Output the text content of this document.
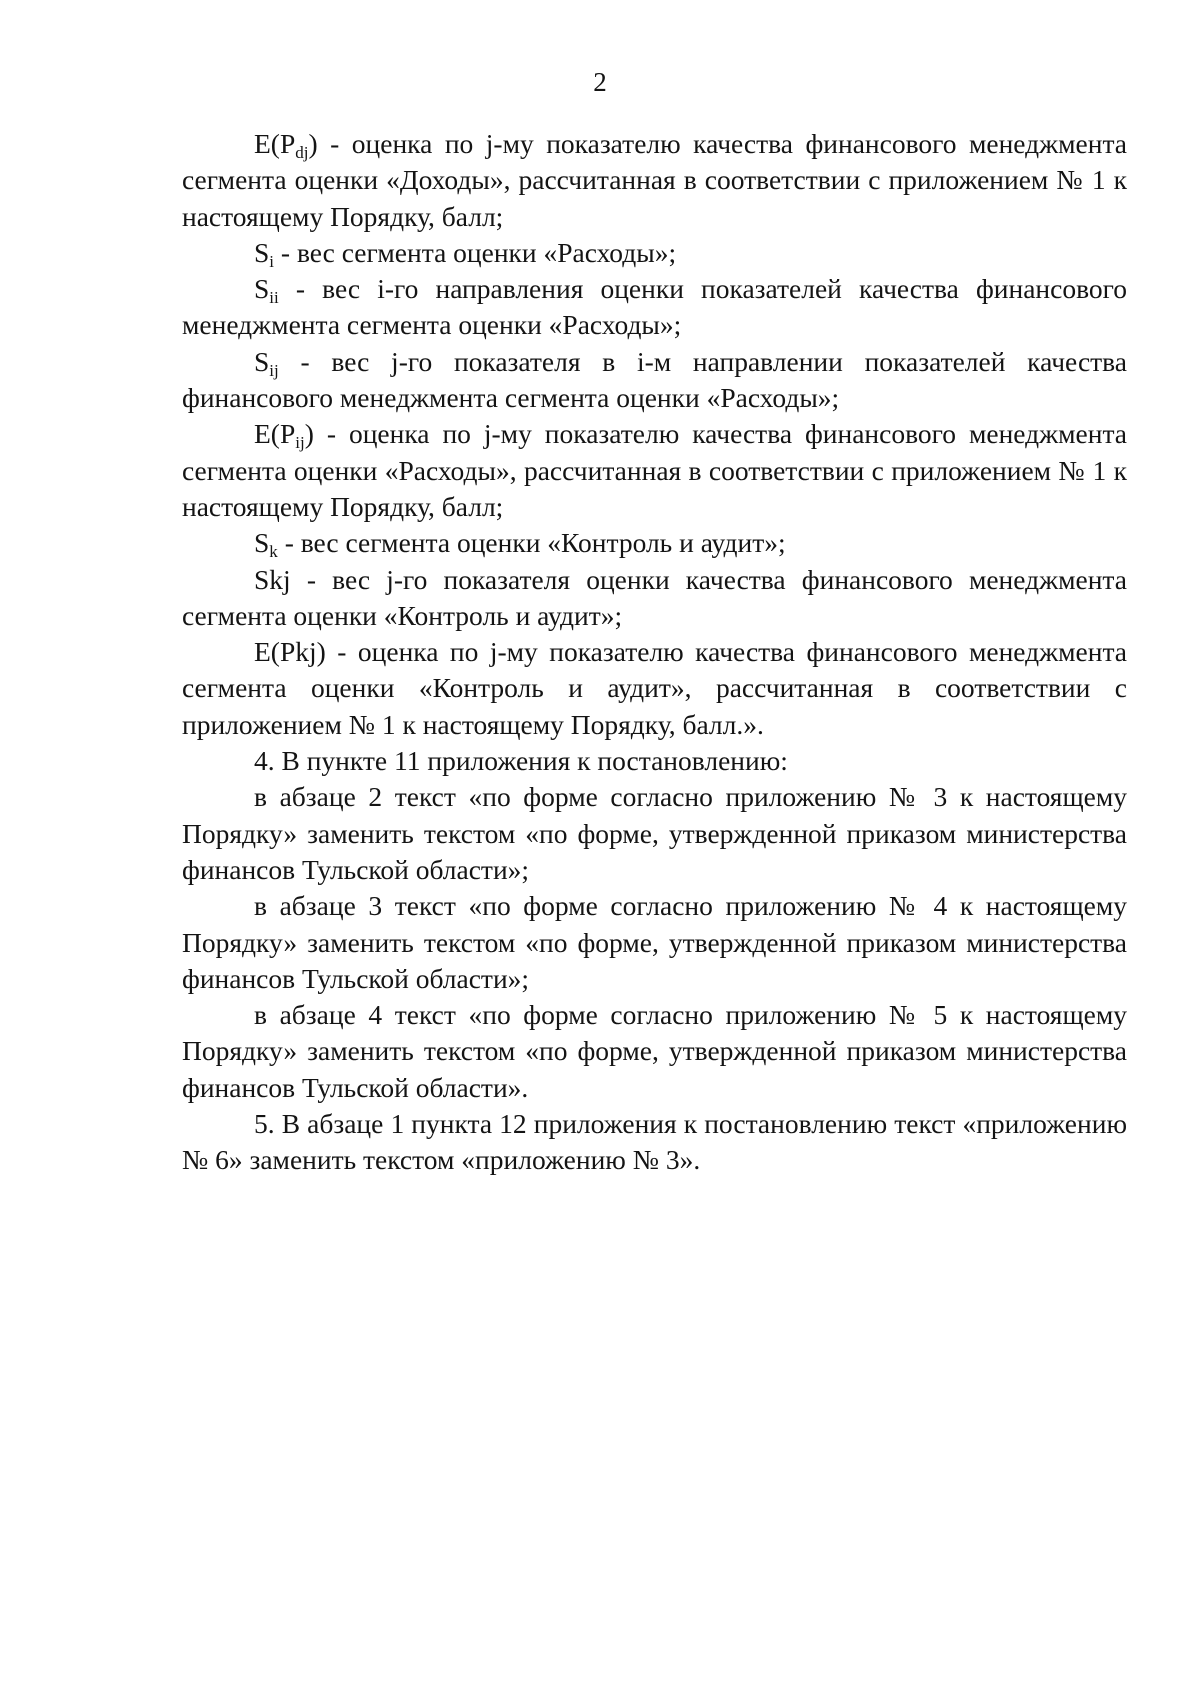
2

$E(P_{dj})$ - оценка по j-му показателю качества финансового менеджмента сегмента оценки «Доходы», рассчитанная в соответствии с приложением № 1 к настоящему Порядку, балл;

$S_i$ - вес сегмента оценки «Расходы»;

$S_{ii}$ - вес i-го направления оценки показателей качества финансового менеджмента сегмента оценки «Расходы»;

$S_{ij}$ - вес j-го показателя в i-м направлении показателей качества финансового менеджмента сегмента оценки «Расходы»;

$E(P_{ij})$ - оценка по j-му показателю качества финансового менеджмента сегмента оценки «Расходы», рассчитанная в соответствии с приложением № 1 к настоящему Порядку, балл;

$S_k$ - вес сегмента оценки «Контроль и аудит»;

Skj - вес j-го показателя оценки качества финансового менеджмента сегмента оценки «Контроль и аудит»;

E(Pkj) - оценка по j-му показателю качества финансового менеджмента сегмента оценки «Контроль и аудит», рассчитанная в соответствии с приложением № 1 к настоящему Порядку, балл.».

4. В пункте 11 приложения к постановлению:

в абзаце 2 текст «по форме согласно приложению № 3 к настоящему Порядку» заменить текстом «по форме, утвержденной приказом министерства финансов Тульской области»;

в абзаце 3 текст «по форме согласно приложению № 4 к настоящему Порядку» заменить текстом «по форме, утвержденной приказом министерства финансов Тульской области»;

в абзаце 4 текст «по форме согласно приложению № 5 к настоящему Порядку» заменить текстом «по форме, утвержденной приказом министерства финансов Тульской области».

5. В абзаце 1 пункта 12 приложения к постановлению текст «приложению № 6» заменить текстом «приложению № 3».
